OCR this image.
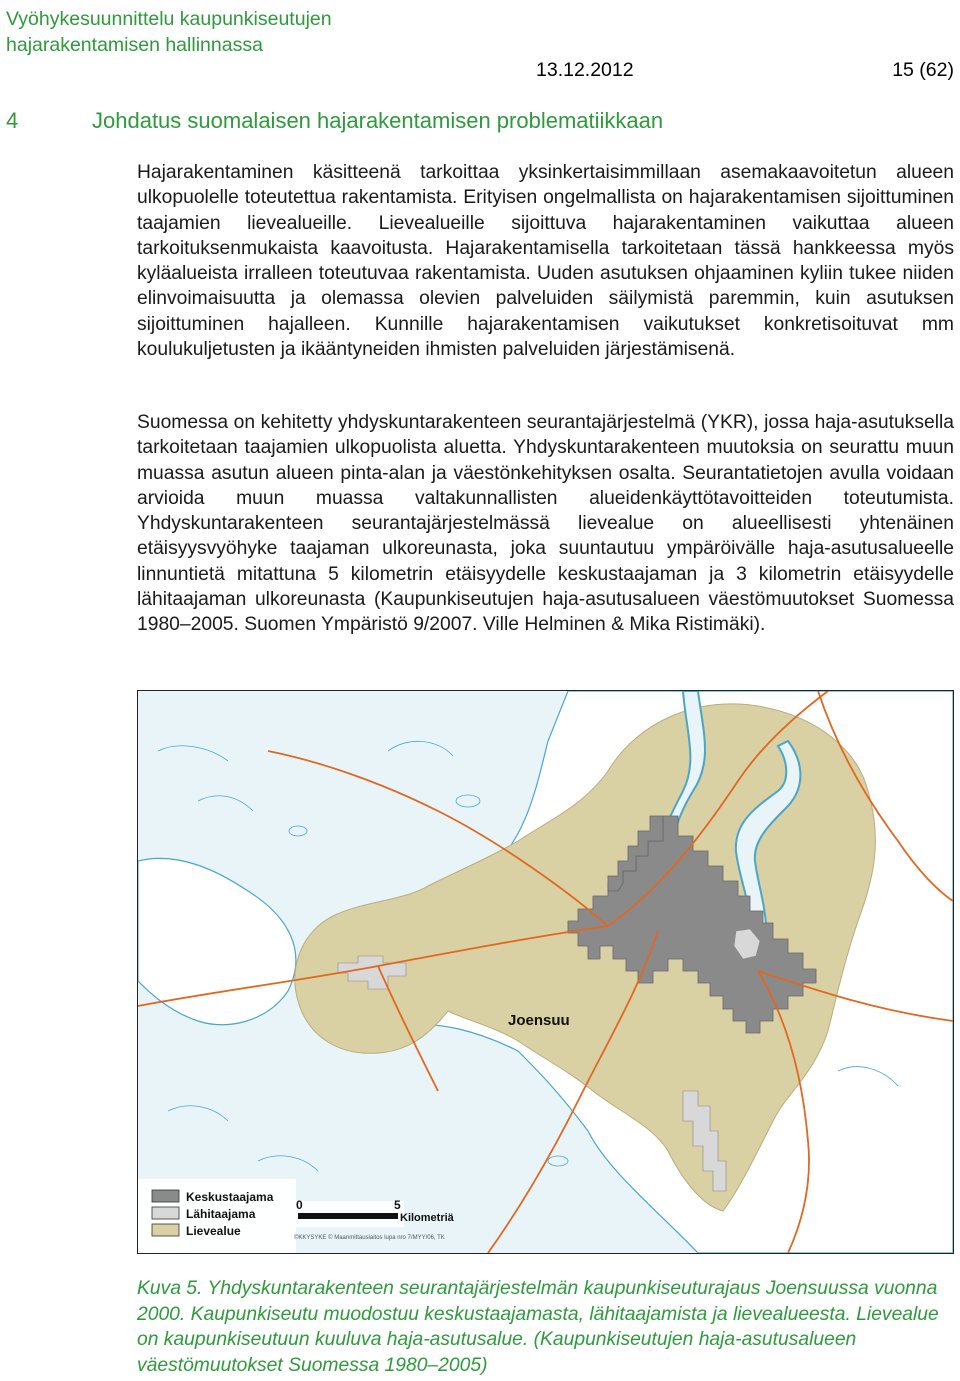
Vyöhykesuunnittelu kaupunkiseutujen
hajarakentamisen hallinnassa
13.12.2012	15 (62)
4	Johdatus suomalaisen hajarakentamisen problematiikkaan

Hajarakentaminen käsitteenä tarkoittaa yksinkertaisimmillaan asemakaavoitetun alueen ulkopuolelle toteutettua rakentamista. Erityisen ongelmallista on hajarakentamisen sijoittuminen taajamien lievealueille. Lievealueille sijoittuva hajarakentaminen vaikuttaa alueen tarkoituksenmukaista kaavoitusta. Hajarakentamisella tarkoitetaan tässä hankkeessa myös kyläalueista irralleen toteutuvaa rakentamista. Uuden asutuksen ohjaaminen kyliin tukee niiden elinvoimaisuutta ja olemassa olevien palveluiden säilymistä paremmin, kuin asutuksen sijoittuminen hajalleen. Kunnille hajarakentamisen vaikutukset konkretisoituvat mm koulukuljetusten ja ikääntyneiden ihmisten palveluiden järjestämisenä.

Suomessa on kehitetty yhdyskuntarakenteen seurantajärjestelmä (YKR), jossa haja-asutuksella tarkoitetaan taajamien ulkopuolista aluetta. Yhdyskuntarakenteen muutoksia on seurattu muun muassa asutun alueen pinta-alan ja väestönkehityksen osalta. Seurantatietojen avulla voidaan arvioida muun muassa valtakunnallisten alueidenkäyttötavoitteiden toteutumista. Yhdyskuntarakenteen seurantajärjestelmässä lievealue on alueellisesti yhtenäinen etäisyysvyöhyke taajaman ulkoreunasta, joka suuntautuu ympäröivälle haja-asutusalueelle linnuntietä mitattuna 5 kilometrin etäisyydelle keskustaajaman ja 3 kilometrin etäisyydelle lähitaajaman ulkoreunasta (Kaupunkiseutujen haja-asutusalueen väestömuutokset Suomessa 1980–2005. Suomen Ympäristö 9/2007. Ville Helminen & Mika Ristimäki).

Joensuu
Keskustaajama
Lähitaajama
Lievealue
0	5
Kilometriä
©KKYSYKE © Maanmittauslaitos lupa nro 7/MYY/06, TK

Kuva 5. Yhdyskuntarakenteen seurantajärjestelmän kaupunkiseuturajaus Joensuussa vuonna 2000. Kaupunkiseutu muodostuu keskustaajamasta, lähitaajamista ja lievealueesta. Lievealue on kaupunkiseutuun kuuluva haja-asutusalue. (Kaupunkiseutujen haja-asutusalueen väestömuutokset Suomessa 1980–2005)
